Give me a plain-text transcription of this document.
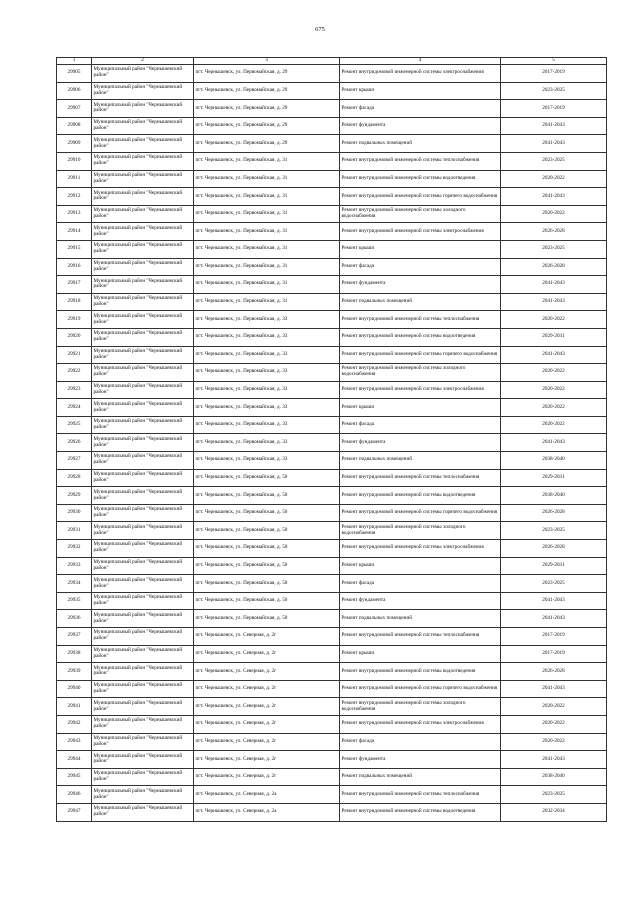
675
1	2	3	4	5
29905	Муниципальный район "Чернышевский район"	пгт. Чернышевск, ул. Первомайская, д. 29	Ремонт внутридомовой инженерной системы электроснабжения	2017-2019
29906	Муниципальный район "Чернышевский район"	пгт. Чернышевск, ул. Первомайская, д. 29	Ремонт крыши	2023-2025
29907	Муниципальный район "Чернышевский район"	пгт. Чернышевск, ул. Первомайская, д. 29	Ремонт фасада	2017-2019
29908	Муниципальный район "Чернышевский район"	пгт. Чернышевск, ул. Первомайская, д. 29	Ремонт фундамента	2041-2043
29909	Муниципальный район "Чернышевский район"	пгт. Чернышевск, ул. Первомайская, д. 29	Ремонт подвальных помещений	2041-2043
29910	Муниципальный район "Чернышевский район"	пгт. Чернышевск, ул. Первомайская, д. 31	Ремонт внутридомовой инженерной системы теплоснабжения	2023-2025
29911	Муниципальный район "Чернышевский район"	пгт. Чернышевск, ул. Первомайская, д. 31	Ремонт внутридомовой инженерной системы водоотведения	2020-2022
29912	Муниципальный район "Чернышевский район"	пгт. Чернышевск, ул. Первомайская, д. 31	Ремонт внутридомовой инженерной системы горячего водоснабжения	2041-2043
29913	Муниципальный район "Чернышевский район"	пгт. Чернышевск, ул. Первомайская, д. 31	Ремонт внутридомовой инженерной системы холодного водоснабжения	2020-2022
29914	Муниципальный район "Чернышевский район"	пгт. Чернышевск, ул. Первомайская, д. 31	Ремонт внутридомовой инженерной системы электроснабжения	2026-2028
29915	Муниципальный район "Чернышевский район"	пгт. Чернышевск, ул. Первомайская, д. 31	Ремонт крыши	2023-2025
29916	Муниципальный район "Чернышевский район"	пгт. Чернышевск, ул. Первомайская, д. 31	Ремонт фасада	2026-2028
29917	Муниципальный район "Чернышевский район"	пгт. Чернышевск, ул. Первомайская, д. 31	Ремонт фундамента	2041-2043
29918	Муниципальный район "Чернышевский район"	пгт. Чернышевск, ул. Первомайская, д. 31	Ремонт подвальных помещений	2041-2043
29919	Муниципальный район "Чернышевский район"	пгт. Чернышевск, ул. Первомайская, д. 33	Ремонт внутридомовой инженерной системы теплоснабжения	2020-2022
29920	Муниципальный район "Чернышевский район"	пгт. Чернышевск, ул. Первомайская, д. 33	Ремонт внутридомовой инженерной системы водоотведения	2029-2031
29921	Муниципальный район "Чернышевский район"	пгт. Чернышевск, ул. Первомайская, д. 33	Ремонт внутридомовой инженерной системы горячего водоснабжения	2041-2043
29922	Муниципальный район "Чернышевский район"	пгт. Чернышевск, ул. Первомайская, д. 33	Ремонт внутридомовой инженерной системы холодного водоснабжения	2020-2022
29923	Муниципальный район "Чернышевский район"	пгт. Чернышевск, ул. Первомайская, д. 33	Ремонт внутридомовой инженерной системы электроснабжения	2020-2022
29924	Муниципальный район "Чернышевский район"	пгт. Чернышевск, ул. Первомайская, д. 33	Ремонт крыши	2020-2022
29925	Муниципальный район "Чернышевский район"	пгт. Чернышевск, ул. Первомайская, д. 33	Ремонт фасада	2020-2022
29926	Муниципальный район "Чернышевский район"	пгт. Чернышевск, ул. Первомайская, д. 33	Ремонт фундамента	2041-2043
29927	Муниципальный район "Чернышевский район"	пгт. Чернышевск, ул. Первомайская, д. 33	Ремонт подвальных помещений	2038-2040
29928	Муниципальный район "Чернышевский район"	пгт. Чернышевск, ул. Первомайская, д. 50	Ремонт внутридомовой инженерной системы теплоснабжения	2029-2031
29929	Муниципальный район "Чернышевский район"	пгт. Чернышевск, ул. Первомайская, д. 50	Ремонт внутридомовой инженерной системы водоотведения	2038-2040
29930	Муниципальный район "Чернышевский район"	пгт. Чернышевск, ул. Первомайская, д. 50	Ремонт внутридомовой инженерной системы горячего водоснабжения	2026-2028
29931	Муниципальный район "Чернышевский район"	пгт. Чернышевск, ул. Первомайская, д. 50	Ремонт внутридомовой инженерной системы холодного водоснабжения	2023-2025
29932	Муниципальный район "Чернышевский район"	пгт. Чернышевск, ул. Первомайская, д. 50	Ремонт внутридомовой инженерной системы электроснабжения	2026-2028
29933	Муниципальный район "Чернышевский район"	пгт. Чернышевск, ул. Первомайская, д. 50	Ремонт крыши	2029-2031
29934	Муниципальный район "Чернышевский район"	пгт. Чернышевск, ул. Первомайская, д. 50	Ремонт фасада	2023-2025
29935	Муниципальный район "Чернышевский район"	пгт. Чернышевск, ул. Первомайская, д. 50	Ремонт фундамента	2041-2043
29936	Муниципальный район "Чернышевский район"	пгт. Чернышевск, ул. Первомайская, д. 50	Ремонт подвальных помещений	2041-2043
29937	Муниципальный район "Чернышевский район"	пгт. Чернышевск, ул. Северная, д. 2г	Ремонт внутридомовой инженерной системы теплоснабжения	2017-2019
29938	Муниципальный район "Чернышевский район"	пгт. Чернышевск, ул. Северная, д. 2г	Ремонт крыши	2017-2019
29939	Муниципальный район "Чернышевский район"	пгт. Чернышевск, ул. Северная, д. 2г	Ремонт внутридомовой инженерной системы водоотведения	2026-2028
29940	Муниципальный район "Чернышевский район"	пгт. Чернышевск, ул. Северная, д. 2г	Ремонт внутридомовой инженерной системы горячего водоснабжения	2041-2043
29941	Муниципальный район "Чернышевский район"	пгт. Чернышевск, ул. Северная, д. 2г	Ремонт внутридомовой инженерной системы холодного водоснабжения	2020-2022
29942	Муниципальный район "Чернышевский район"	пгт. Чернышевск, ул. Северная, д. 2г	Ремонт внутридомовой инженерной системы электроснабжения	2020-2022
29943	Муниципальный район "Чернышевский район"	пгт. Чернышевск, ул. Северная, д. 2г	Ремонт фасада	2020-2022
29944	Муниципальный район "Чернышевский район"	пгт. Чернышевск, ул. Северная, д. 2г	Ремонт фундамента	2041-2043
29945	Муниципальный район "Чернышевский район"	пгт. Чернышевск, ул. Северная, д. 2г	Ремонт подвальных помещений	2038-2040
29946	Муниципальный район "Чернышевский район"	пгт. Чернышевск, ул. Северная, д. 2а	Ремонт внутридомовой инженерной системы теплоснабжения	2023-2025
29947	Муниципальный район "Чернышевский район"	пгт. Чернышевск, ул. Северная, д. 2а	Ремонт внутридомовой инженерной системы водоотведения	2032-2034
